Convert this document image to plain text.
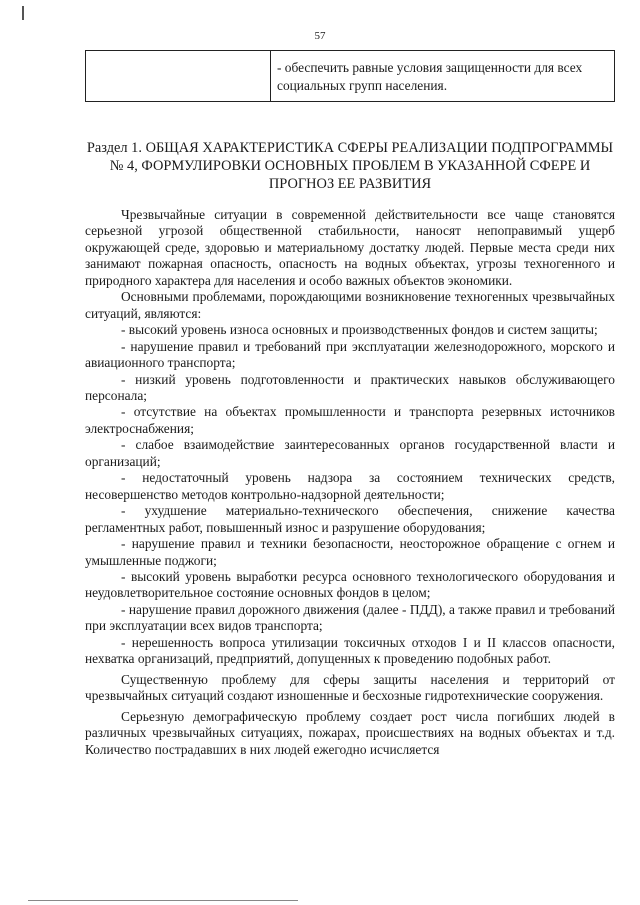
57
	- обеспечить равные условия защищенности для всех социальных групп населения.
Раздел 1. ОБЩАЯ ХАРАКТЕРИСТИКА СФЕРЫ РЕАЛИЗАЦИИ ПОДПРОГРАММЫ № 4, ФОРМУЛИРОВКИ ОСНОВНЫХ ПРОБЛЕМ В УКАЗАННОЙ СФЕРЕ И ПРОГНОЗ ЕЕ РАЗВИТИЯ

Чрезвычайные ситуации в современной действительности все чаще становятся серьезной угрозой общественной стабильности, наносят непоправимый ущерб окружающей среде, здоровью и материальному достатку людей. Первые места среди них занимают пожарная опасность, опасность на водных объектах, угрозы техногенного и природного характера для населения и особо важных объектов экономики.

Основными проблемами, порождающими возникновение техногенных чрезвычайных ситуаций, являются:

- высокий уровень износа основных и производственных фондов и систем защиты;

- нарушение правил и требований при эксплуатации железнодорожного, морского и авиационного транспорта;

- низкий уровень подготовленности и практических навыков обслуживающего персонала;

- отсутствие на объектах промышленности и транспорта резервных источников электроснабжения;

- слабое взаимодействие заинтересованных органов государственной власти и организаций;

- недостаточный уровень надзора за состоянием технических средств, несовершенство методов контрольно-надзорной деятельности;

- ухудшение материально-технического обеспечения, снижение качества регламентных работ, повышенный износ и разрушение оборудования;

- нарушение правил и техники безопасности, неосторожное обращение с огнем и умышленные поджоги;

- высокий уровень выработки ресурса основного технологического оборудования и неудовлетворительное состояние основных фондов в целом;

- нарушение правил дорожного движения (далее - ПДД), а также правил и требований при эксплуатации всех видов транспорта;

- нерешенность вопроса утилизации токсичных отходов I и II классов опасности, нехватка организаций, предприятий, допущенных к проведению подобных работ.

Существенную проблему для сферы защиты населения и территорий от чрезвычайных ситуаций создают изношенные и бесхозные гидротехнические сооружения.

Серьезную демографическую проблему создает рост числа погибших людей в различных чрезвычайных ситуациях, пожарах, происшествиях на водных объектах и т.д. Количество пострадавших в них людей ежегодно исчисляется
